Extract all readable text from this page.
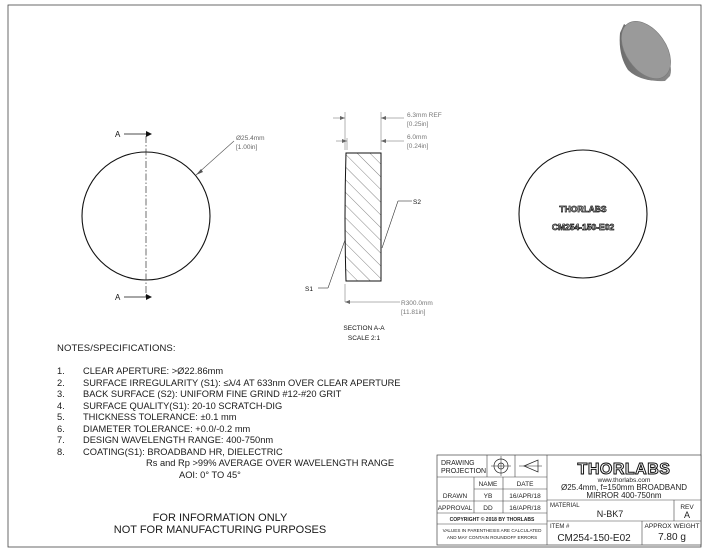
A
A
Ø25.4mm
[1.00in]
6.3mm REF
[0.25in]
6.0mm
[0.24in]
S2
S1
R300.0mm
[11.81in]
SECTION A-A
SCALE 2:1
THORLABS
CM254-150-E02
DRAWING
PROJECTION
NAME	DATE
DRAWN	YB	16/APR/18
APPROVAL DD	16/APR/18
COPYRIGHT © 2018 BY THORLABS
VALUES IN PARENTHESIS ARE CALCULATED
AND MAY CONTAIN ROUNDOFF ERRORS
THORLABS
www.thorlabs.com
Ø25.4mm, f=150mm BROADBAND
MIRROR 400-750nm
MATERIAL
N-BK7
REV
A
ITEM #
CM254-150-E02
APPROX WEIGHT
7.80 g
NOTES/SPECIFICATIONS:
1.	CLEAR APERTURE: >Ø22.86mm
2.	SURFACE IRREGULARITY (S1): ≤λ/4 AT 633nm OVER CLEAR APERTURE
3.	BACK SURFACE (S2): UNIFORM FINE GRIND #12-#20 GRIT
4.	SURFACE QUALITY(S1): 20-10 SCRATCH-DIG
5.	THICKNESS TOLERANCE: ±0.1 mm
6.	DIAMETER TOLERANCE: +0.0/-0.2 mm
7.	DESIGN WAVELENGTH RANGE: 400-750nm
8.	COATING(S1): BROADBAND HR, DIELECTRIC
Rs and Rp >99% AVERAGE OVER WAVELENGTH RANGE
AOI: 0° TO 45°
FOR INFORMATION ONLY
NOT FOR MANUFACTURING PURPOSES
